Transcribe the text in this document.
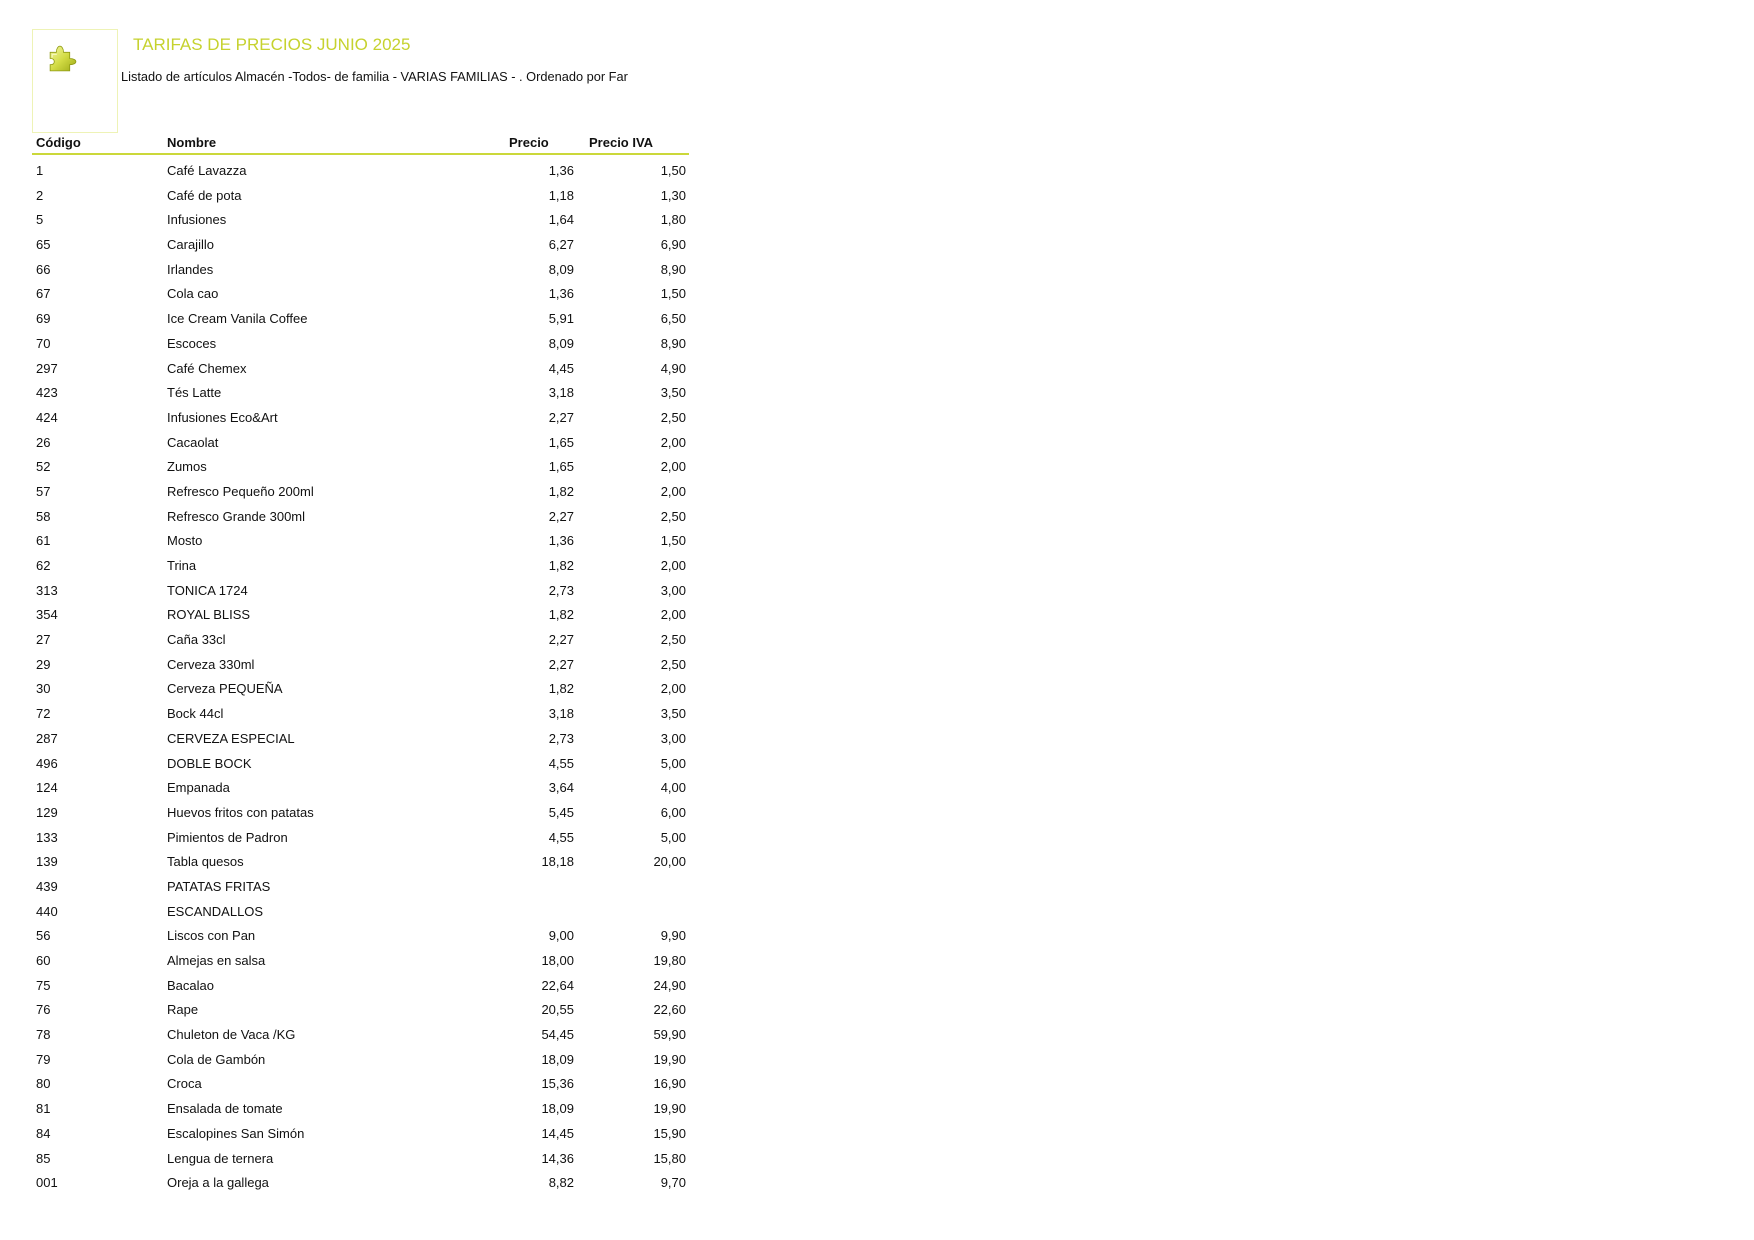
TARIFAS DE PRECIOS JUNIO 2025
Listado de artículos Almacén -Todos- de familia - VARIAS FAMILIAS - . Ordenado por Far
Código	Nombre	Precio	Precio IVA
1	Café Lavazza	1,36	1,50
2	Café de pota	1,18	1,30
5	Infusiones	1,64	1,80
65	Carajillo	6,27	6,90
66	Irlandes	8,09	8,90
67	Cola cao	1,36	1,50
69	Ice Cream Vanila Coffee	5,91	6,50
70	Escoces	8,09	8,90
297	Café Chemex	4,45	4,90
423	Tés Latte	3,18	3,50
424	Infusiones Eco&Art	2,27	2,50
26	Cacaolat	1,65	2,00
52	Zumos	1,65	2,00
57	Refresco Pequeño 200ml	1,82	2,00
58	Refresco Grande 300ml	2,27	2,50
61	Mosto	1,36	1,50
62	Trina	1,82	2,00
313	TONICA 1724	2,73	3,00
354	ROYAL BLISS	1,82	2,00
27	Caña 33cl	2,27	2,50
29	Cerveza 330ml	2,27	2,50
30	Cerveza PEQUEÑA	1,82	2,00
72	Bock 44cl	3,18	3,50
287	CERVEZA ESPECIAL	2,73	3,00
496	DOBLE BOCK	4,55	5,00
124	Empanada	3,64	4,00
129	Huevos fritos con patatas	5,45	6,00
133	Pimientos de Padron	4,55	5,00
139	Tabla quesos	18,18	20,00
439	PATATAS FRITAS
440	ESCANDALLOS
56	Liscos con Pan	9,00	9,90
60	Almejas en salsa	18,00	19,80
75	Bacalao	22,64	24,90
76	Rape	20,55	22,60
78	Chuleton de Vaca /KG	54,45	59,90
79	Cola de Gambón	18,09	19,90
80	Croca	15,36	16,90
81	Ensalada de tomate	18,09	19,90
84	Escalopines San Simón	14,45	15,90
85	Lengua de ternera	14,36	15,80
001	Oreja a la gallega	8,82	9,70
